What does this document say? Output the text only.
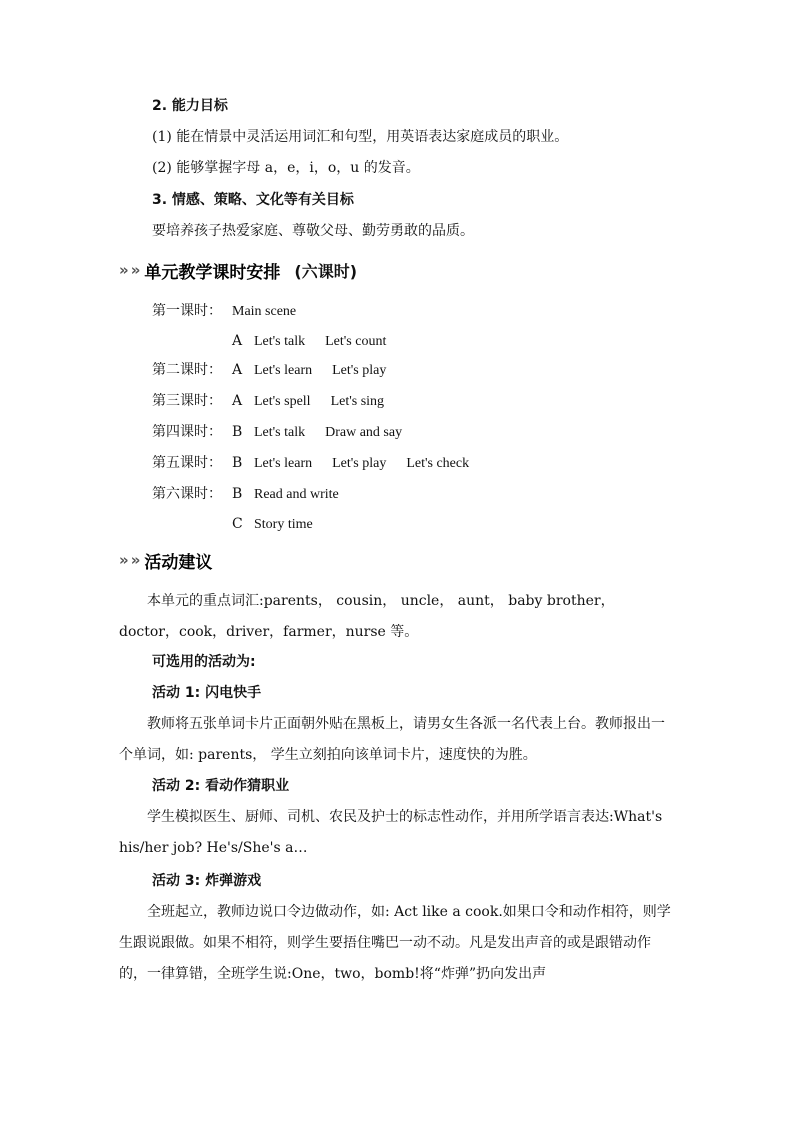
2. 能力目标
(1) 能在情景中灵活运用词汇和句型，用英语表达家庭成员的职业。
(2) 能够掌握字母 a，e，i，o，u 的发音。
3. 情感、策略、文化等有关目标
要培养孩子热爱家庭、尊敬父母、勤劳勇敢的品质。
» » 单元教学课时安排 (六课时)
第一课时： Main scene
A Let's talk Let's count
第二课时： A Let's learn Let's play
第三课时： A Let's spell Let's sing
第四课时： B Let's talk Draw and say
第五课时： B Let's learn Let's play Let's check
第六课时： B Read and write
C Story time
» » 活动建议
本单元的重点词汇:parents， cousin， uncle， aunt， baby brother， doctor，cook，driver，farmer，nurse 等。
可选用的活动为:
活动 1: 闪电快手
教师将五张单词卡片正面朝外贴在黑板上，请男女生各派一名代表上台。教师报出一个单词，如: parents， 学生立刻拍向该单词卡片，速度快的为胜。
活动 2: 看动作猜职业
学生模拟医生、厨师、司机、农民及护士的标志性动作，并用所学语言表达:What's his/her job? He's/She's a…
活动 3: 炸弹游戏
全班起立，教师边说口令边做动作，如: Act like a cook.如果口令和动作相符，则学生跟说跟做。如果不相符，则学生要捂住嘴巴一动不动。凡是发出声音的或是跟错动作的，一律算错，全班学生说:One，two，bomb!将“炸弹”扔向发出声
